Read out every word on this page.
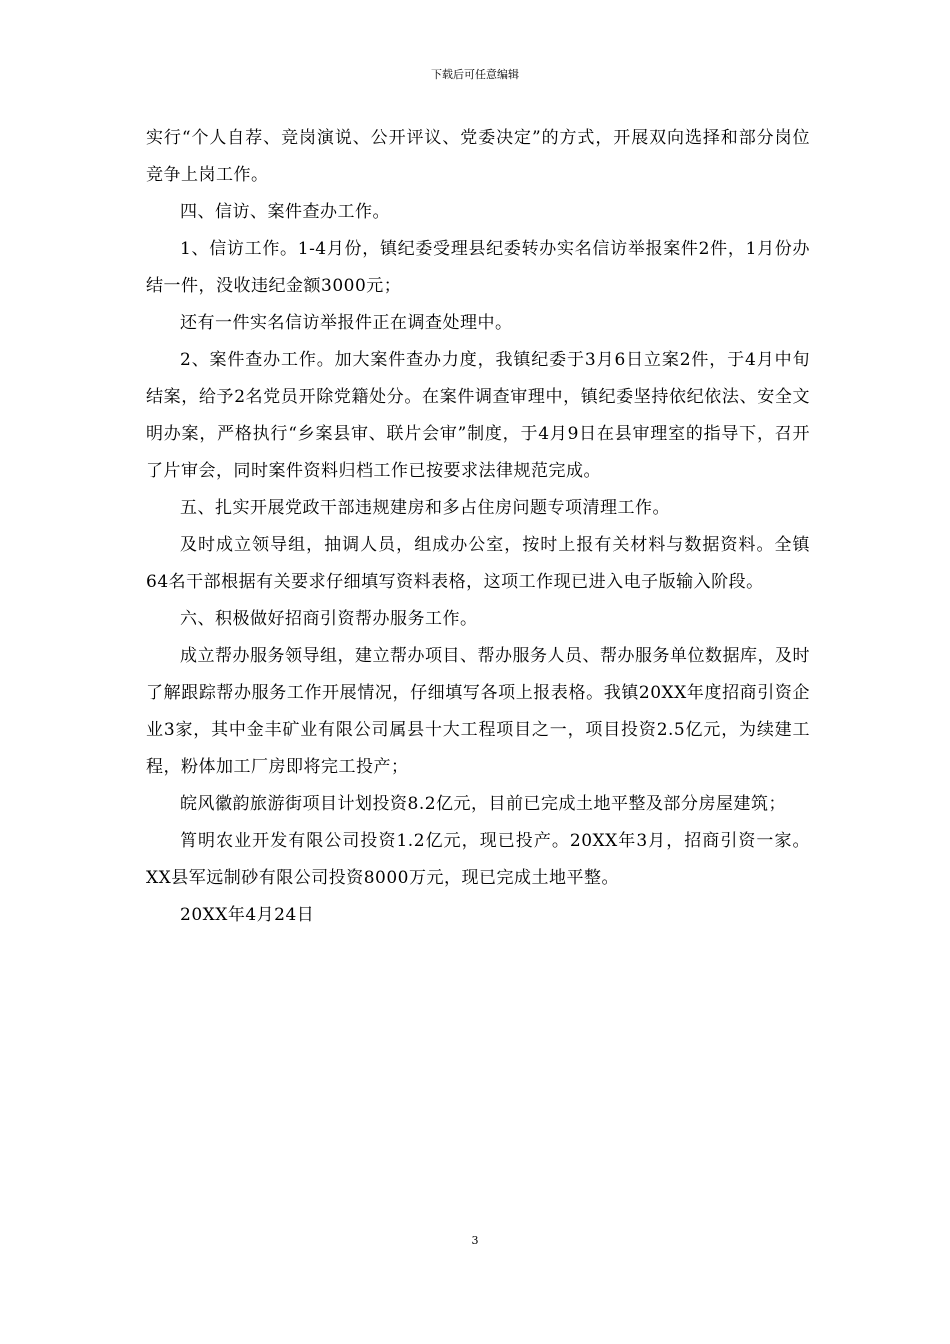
下载后可任意编辑

实行“个人自荐、竞岗演说、公开评议、党委决定”的方式，开展双向选择和部分岗位竞争上岗工作。

四、信访、案件查办工作。

1、信访工作。1-4月份，镇纪委受理县纪委转办实名信访举报案件2件，1月份办结一件，没收违纪金额3000元；

还有一件实名信访举报件正在调查处理中。

2、案件查办工作。加大案件查办力度，我镇纪委于3月6日立案2件，于4月中旬结案，给予2名党员开除党籍处分。在案件调查审理中，镇纪委坚持依纪依法、安全文明办案，严格执行“乡案县审、联片会审”制度，于4月9日在县审理室的指导下，召开了片审会，同时案件资料归档工作已按要求法律规范完成。

五、扎实开展党政干部违规建房和多占住房问题专项清理工作。

及时成立领导组，抽调人员，组成办公室，按时上报有关材料与数据资料。全镇64名干部根据有关要求仔细填写资料表格，这项工作现已进入电子版输入阶段。

六、积极做好招商引资帮办服务工作。

成立帮办服务领导组，建立帮办项目、帮办服务人员、帮办服务单位数据库，及时了解跟踪帮办服务工作开展情况，仔细填写各项上报表格。我镇20XX年度招商引资企业3家，其中金丰矿业有限公司属县十大工程项目之一，项目投资2.5亿元，为续建工程，粉体加工厂房即将完工投产；

皖风徽韵旅游街项目计划投资8.2亿元，目前已完成土地平整及部分房屋建筑；

筲明农业开发有限公司投资1.2亿元，现已投产。20XX年3月，招商引资一家。XX县军远制砂有限公司投资8000万元，现已完成土地平整。

20XX年4月24日

3
